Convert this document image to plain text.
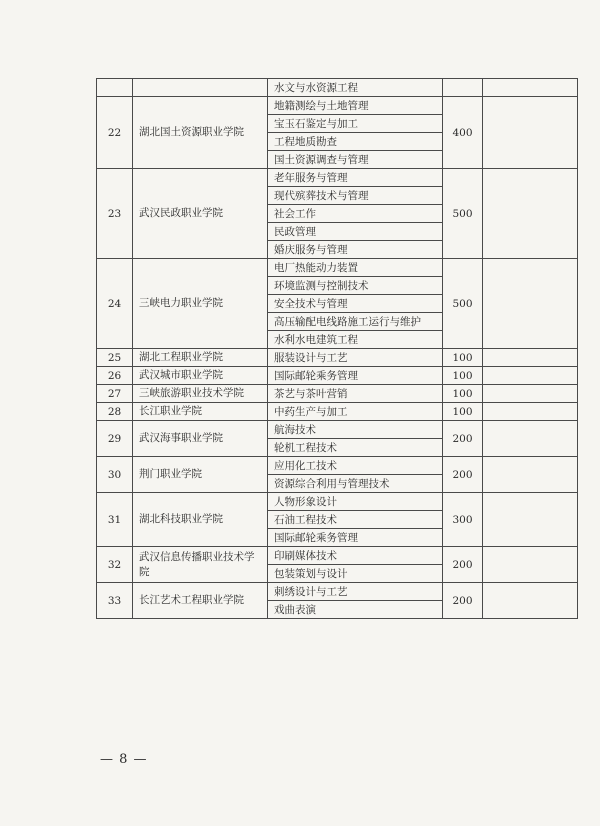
		水文与水资源工程		
22	湖北国土资源职业学院	地籍测绘与土地管理	400	
		宝玉石鉴定与加工		
		工程地质勘查		
		国土资源调查与管理		
23	武汉民政职业学院	老年服务与管理	500	
		现代殡葬技术与管理		
		社会工作		
		民政管理		
		婚庆服务与管理		
24	三峡电力职业学院	电厂热能动力装置	500	
		环境监测与控制技术		
		安全技术与管理		
		高压输配电线路施工运行与维护		
		水利水电建筑工程		
25	湖北工程职业学院	服装设计与工艺	100	
26	武汉城市职业学院	国际邮轮乘务管理	100	
27	三峡旅游职业技术学院	茶艺与茶叶营销	100	
28	长江职业学院	中药生产与加工	100	
29	武汉海事职业学院	航海技术	200	
		轮机工程技术		
30	荆门职业学院	应用化工技术	200	
		资源综合利用与管理技术		
31	湖北科技职业学院	人物形象设计	300	
		石油工程技术		
		国际邮轮乘务管理		
32	武汉信息传播职业技术学院	印刷媒体技术	200	
		包装策划与设计		
33	长江艺术工程职业学院	刺绣设计与工艺	200	
		戏曲表演		
— 8 —
